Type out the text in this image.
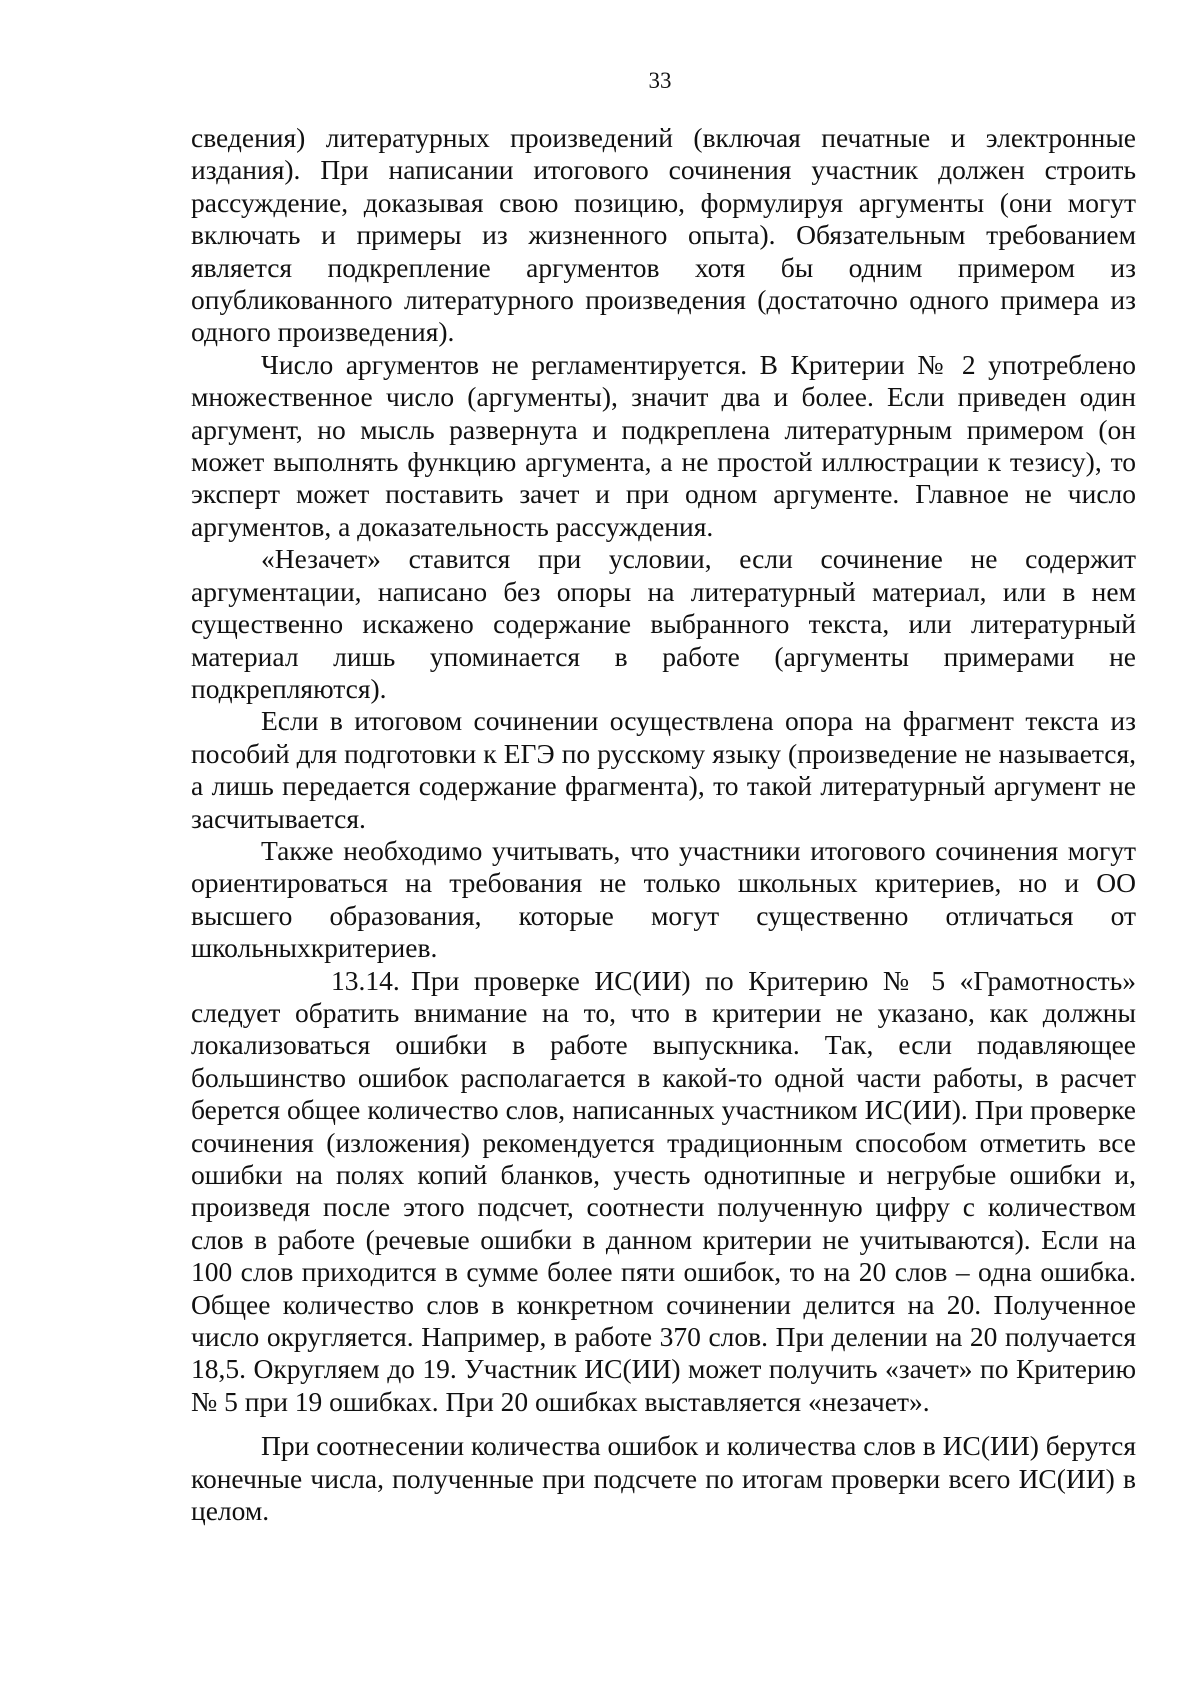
33

сведения) литературных произведений (включая печатные и электронные издания). При написании итогового сочинения участник должен строить рассуждение, доказывая свою позицию, формулируя аргументы (они могут включать и примеры из жизненного опыта). Обязательным требованием является подкрепление аргументов хотя бы одним примером из опубликованного литературного произведения (достаточно одного примера из одного произведения).

Число аргументов не регламентируется. В Критерии № 2 употреблено множественное число (аргументы), значит два и более. Если приведен один аргумент, но мысль развернута и подкреплена литературным примером (он может выполнять функцию аргумента, а не простой иллюстрации к тезису), то эксперт может поставить зачет и при одном аргументе. Главное не число аргументов, а доказательность рассуждения.

«Незачет» ставится при условии, если сочинение не содержит аргументации, написано без опоры на литературный материал, или в нем существенно искажено содержание выбранного текста, или литературный материал лишь упоминается в работе (аргументы примерами не подкрепляются).

Если в итоговом сочинении осуществлена опора на фрагмент текста из пособий для подготовки к ЕГЭ по русскому языку (произведение не называется, а лишь передается содержание фрагмента), то такой литературный аргумент не засчитывается.

Также необходимо учитывать, что участники итогового сочинения могут ориентироваться на требования не только школьных критериев, но и ОО высшего образования, которые могут существенно отличаться от школьныхкритериев.

13.14. При проверке ИС(ИИ) по Критерию № 5 «Грамотность» следует обратить внимание на то, что в критерии не указано, как должны локализоваться ошибки в работе выпускника. Так, если подавляющее большинство ошибок располагается в какой-то одной части работы, в расчет берется общее количество слов, написанных участником ИС(ИИ). При проверке сочинения (изложения) рекомендуется традиционным способом отметить все ошибки на полях копий бланков, учесть однотипные и негрубые ошибки и, произведя после этого подсчет, соотнести полученную цифру с количеством слов в работе (речевые ошибки в данном критерии не учитываются). Если на 100 слов приходится в сумме более пяти ошибок, то на 20 слов – одна ошибка. Общее количество слов в конкретном сочинении делится на 20. Полученное число округляется. Например, в работе 370 слов. При делении на 20 получается 18,5. Округляем до 19. Участник ИС(ИИ) может получить «зачет» по Критерию № 5 при 19 ошибках. При 20 ошибках выставляется «незачет».

При соотнесении количества ошибок и количества слов в ИС(ИИ) берутся конечные числа, полученные при подсчете по итогам проверки всего ИС(ИИ) в целом.
